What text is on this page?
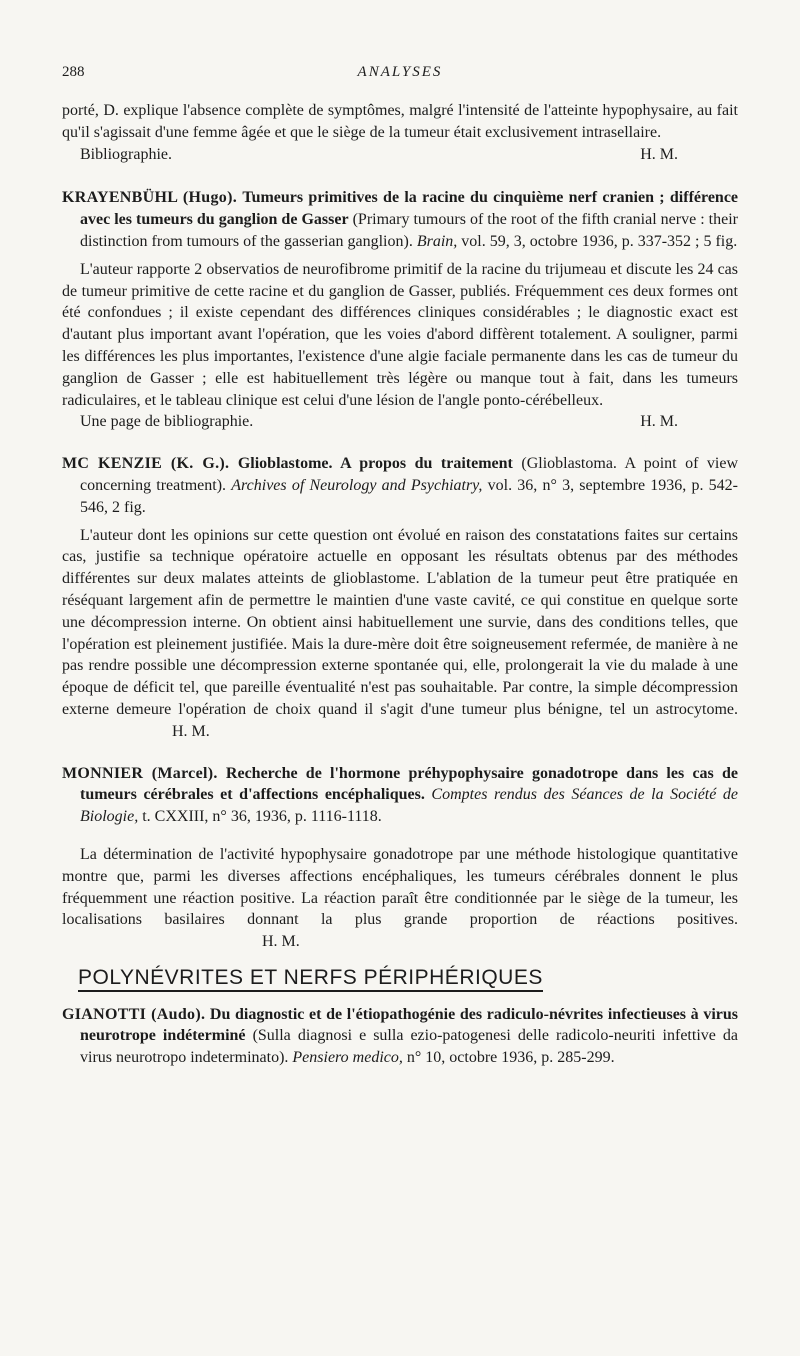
288	ANALYSES

porté, D. explique l'absence complète de symptômes, malgré l'intensité de l'atteinte hypophysaire, au fait qu'il s'agissait d'une femme âgée et que le siège de la tumeur était exclusivement intrasellaire.

Bibliographie.	H. M.

KRAYENBÜHL (Hugo). Tumeurs primitives de la racine du cinquième nerf cranien ; différence avec les tumeurs du ganglion de Gasser (Primary tumours of the root of the fifth cranial nerve : their distinction from tumours of the gasserian ganglion). Brain, vol. 59, 3, octobre 1936, p. 337-352 ; 5 fig.

L'auteur rapporte 2 observatios de neurofibrome primitif de la racine du trijumeau et discute les 24 cas de tumeur primitive de cette racine et du ganglion de Gasser, publiés. Fréquemment ces deux formes ont été confondues ; il existe cependant des différences cliniques considérables ; le diagnostic exact est d'autant plus important avant l'opération, que les voies d'abord diffèrent totalement. A souligner, parmi les différences les plus importantes, l'existence d'une algie faciale permanente dans les cas de tumeur du ganglion de Gasser ; elle est habituellement très légère ou manque tout à fait, dans les tumeurs radiculaires, et le tableau clinique est celui d'une lésion de l'angle ponto-cérébelleux.

Une page de bibliographie.	H. M.

MC KENZIE (K. G.). Glioblastome. A propos du traitement (Glioblastoma. A point of view concerning treatment). Archives of Neurology and Psychiatry, vol. 36, n° 3, septembre 1936, p. 542-546, 2 fig.

L'auteur dont les opinions sur cette question ont évolué en raison des constatations faites sur certains cas, justifie sa technique opératoire actuelle en opposant les résultats obtenus par des méthodes différentes sur deux malates atteints de glioblastome. L'ablation de la tumeur peut être pratiquée en réséquant largement afin de permettre le maintien d'une vaste cavité, ce qui constitue en quelque sorte une décompression interne. On obtient ainsi habituellement une survie, dans des conditions telles, que l'opération est pleinement justifiée. Mais la dure-mère doit être soigneusement refermée, de manière à ne pas rendre possible une décompression externe spontanée qui, elle, prolongerait la vie du malade à une époque de déficit tel, que pareille éventualité n'est pas souhaitable. Par contre, la simple décompression externe demeure l'opération de choix quand il s'agit d'une tumeur plus bénigne, tel un astrocytome.H. M.

MONNIER (Marcel). Recherche de l'hormone préhypophysaire gonadotrope dans les cas de tumeurs cérébrales et d'affections encéphaliques. Comptes rendus des Séances de la Société de Biologie, t. CXXIII, n° 36, 1936, p. 1116-1118.

La détermination de l'activité hypophysaire gonadotrope par une méthode histologique quantitative montre que, parmi les diverses affections encéphaliques, les tumeurs cérébrales donnent le plus fréquemment une réaction positive. La réaction paraît être conditionnée par le siège de la tumeur, les localisations basilaires donnant la plus grande proportion de réactions positives.H. M.

POLYNÉVRITES ET NERFS PÉRIPHÉRIQUES

GIANOTTI (Audo). Du diagnostic et de l'étiopathogénie des radiculo-névrites infectieuses à virus neurotrope indéterminé (Sulla diagnosi e sulla ezio-patogenesi delle radicolo-neuriti infettive da virus neurotropo indeterminato). Pensiero medico, n° 10, octobre 1936, p. 285-299.
